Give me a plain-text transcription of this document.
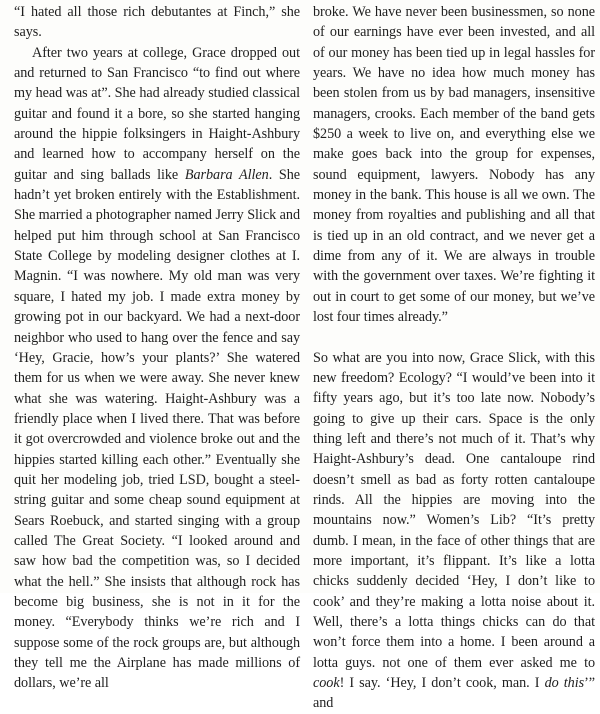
“I hated all those rich debutantes at Finch,” she says.

After two years at college, Grace dropped out and returned to San Francisco “to find out where my head was at”. She had already studied classical guitar and found it a bore, so she started hanging around the hippie folksingers in Haight-Ashbury and learned how to accompany herself on the guitar and sing ballads like Barbara Allen. She hadn’t yet broken entirely with the Establishment. She married a photographer named Jerry Slick and helped put him through school at San Francisco State College by modeling designer clothes at I. Magnin. “I was nowhere. My old man was very square, I hated my job. I made extra money by growing pot in our backyard. We had a next-door neighbor who used to hang over the fence and say ‘Hey, Gracie, how’s your plants?’ She watered them for us when we were away. She never knew what she was watering. Haight-Ashbury was a friendly place when I lived there. That was before it got overcrowded and violence broke out and the hippies started killing each other.” Eventually she quit her modeling job, tried LSD, bought a steel-string guitar and some cheap sound equipment at Sears Roebuck, and started singing with a group called The Great Society. “I looked around and saw how bad the competition was, so I decided what the hell.” She insists that although rock has become big business, she is not in it for the money. “Everybody thinks we’re rich and I suppose some of the rock groups are, but although they tell me the Airplane has made millions of dollars, we’re all

broke. We have never been businessmen, so none of our earnings have ever been invested, and all of our money has been tied up in legal hassles for years. We have no idea how much money has been stolen from us by bad managers, insensitive managers, crooks. Each member of the band gets $250 a week to live on, and everything else we make goes back into the group for expenses, sound equipment, lawyers. Nobody has any money in the bank. This house is all we own. The money from royalties and publishing and all that is tied up in an old contract, and we never get a dime from any of it. We are always in trouble with the government over taxes. We’re fighting it out in court to get some of our money, but we’ve lost four times already.”

So what are you into now, Grace Slick, with this new freedom? Ecology? “I would’ve been into it fifty years ago, but it’s too late now. Nobody’s going to give up their cars. Space is the only thing left and there’s not much of it. That’s why Haight-Ashbury’s dead. One cantaloupe rind doesn’t smell as bad as forty rotten cantaloupe rinds. All the hippies are moving into the mountains now.” Women’s Lib? “It’s pretty dumb. I mean, in the face of other things that are more important, it’s flippant. It’s like a lotta chicks suddenly decided ‘Hey, I don’t like to cook’ and they’re making a lotta noise about it. Well, there’s a lotta things chicks can do that won’t force them into a home. I been around a lotta guys. not one of them ever asked me to cook! I say. ‘Hey, I don’t cook, man. I do this’” and
